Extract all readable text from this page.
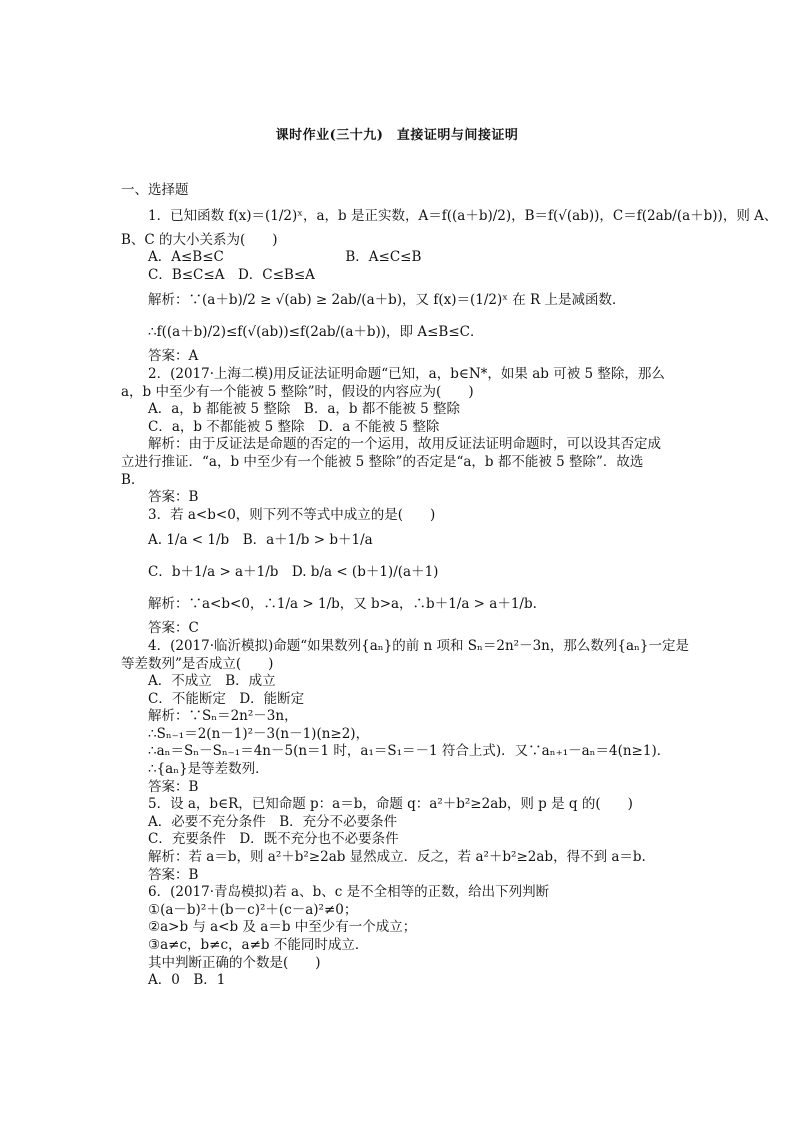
课时作业(三十九)　直接证明与间接证明
一、选择题
1．已知函数 f(x)＝(1/2)ˣ，a，b 是正实数，A＝f((a＋b)/2)，B＝f(√(ab))，C＝f(2ab/(a＋b))，则 A、
B、C 的大小关系为(　　)
A．A≤B≤C　　　　　　　　　B．A≤C≤B
C．B≤C≤A　D．C≤B≤A
解析：∵(a＋b)/2 ≥ √(ab) ≥ 2ab/(a＋b)，又 f(x)＝(1/2)ˣ 在 R 上是减函数．
∴f((a＋b)/2)≤f(√(ab))≤f(2ab/(a＋b))，即 A≤B≤C．
答案：A
2．(2017·上海二模)用反证法证明命题“已知，a，b∈N*，如果 ab 可被 5 整除，那么
a，b 中至少有一个能被 5 整除”时，假设的内容应为(　　)
A．a，b 都能被 5 整除　B．a，b 都不能被 5 整除
C．a，b 不都能被 5 整除　D．a 不能被 5 整除
解析：由于反证法是命题的否定的一个运用，故用反证法证明命题时，可以设其否定成
立进行推证．“a，b 中至少有一个能被 5 整除”的否定是“a，b 都不能被 5 整除”．故选
B.
答案：B
3．若 a<b<0，则下列不等式中成立的是(　　)
A. 1/a < 1/b　B．a＋1/b > b＋1/a
C．b＋1/a > a＋1/b　D. b/a < (b＋1)/(a＋1)
解析：∵a<b<0，∴1/a > 1/b，又 b>a，∴b＋1/a > a＋1/b.
答案：C
4．(2017·临沂模拟)命题“如果数列{aₙ}的前 n 项和 Sₙ＝2n²－3n，那么数列{aₙ}一定是
等差数列”是否成立(　　)
A．不成立　B．成立
C．不能断定　D．能断定
解析：∵Sₙ＝2n²－3n，
∴Sₙ₋₁＝2(n－1)²－3(n－1)(n≥2)，
∴aₙ＝Sₙ－Sₙ₋₁＝4n－5(n＝1 时，a₁＝S₁＝－1 符合上式)．又∵aₙ₊₁－aₙ＝4(n≥1)．
∴{aₙ}是等差数列．
答案：B
5．设 a，b∈R，已知命题 p：a＝b，命题 q：a²＋b²≥2ab，则 p 是 q 的(　　)
A．必要不充分条件　B．充分不必要条件
C．充要条件　D．既不充分也不必要条件
解析：若 a＝b，则 a²＋b²≥2ab 显然成立．反之，若 a²＋b²≥2ab，得不到 a＝b.
答案：B
6．(2017·青岛模拟)若 a、b、c 是不全相等的正数，给出下列判断
①(a－b)²＋(b－c)²＋(c－a)²≠0；
②a>b 与 a<b 及 a＝b 中至少有一个成立；
③a≠c，b≠c，a≠b 不能同时成立．
其中判断正确的个数是(　　)
A．0　B．1
